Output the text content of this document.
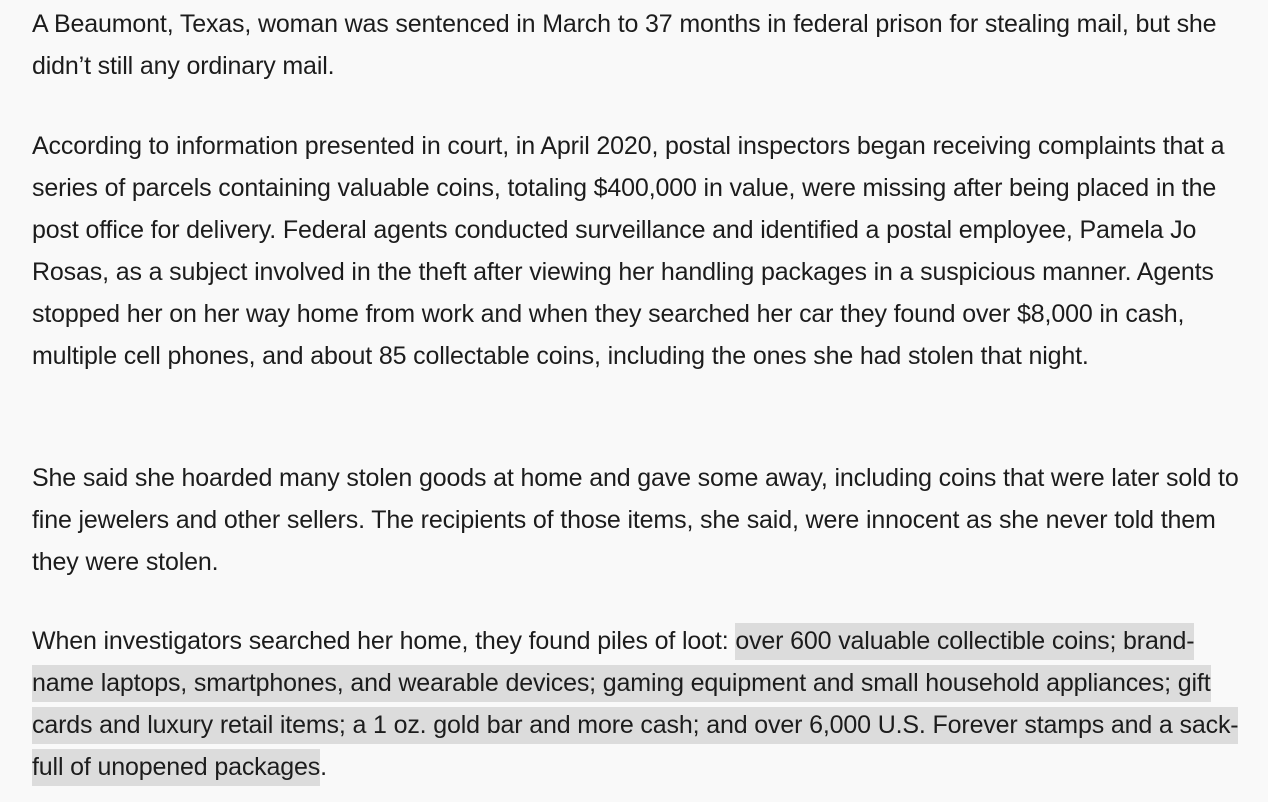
A Beaumont, Texas, woman was sentenced in March to 37 months in federal prison for stealing mail, but she didn’t still any ordinary mail.

According to information presented in court, in April 2020, postal inspectors began receiving complaints that a series of parcels containing valuable coins, totaling $400,000 in value, were missing after being placed in the post office for delivery. Federal agents conducted surveillance and identified a postal employee, Pamela Jo Rosas, as a subject involved in the theft after viewing her handling packages in a suspicious manner. Agents stopped her on her way home from work and when they searched her car they found over $8,000 in cash, multiple cell phones, and about 85 collectable coins, including the ones she had stolen that night.

She said she hoarded many stolen goods at home and gave some away, including coins that were later sold to fine jewelers and other sellers. The recipients of those items, she said, were innocent as she never told them they were stolen.

When investigators searched her home, they found piles of loot: over 600 valuable collectible coins; brand-name laptops, smartphones, and wearable devices; gaming equipment and small household appliances; gift cards and luxury retail items; a 1 oz. gold bar and more cash; and over 6,000 U.S. Forever stamps and a sack-full of unopened packages.
